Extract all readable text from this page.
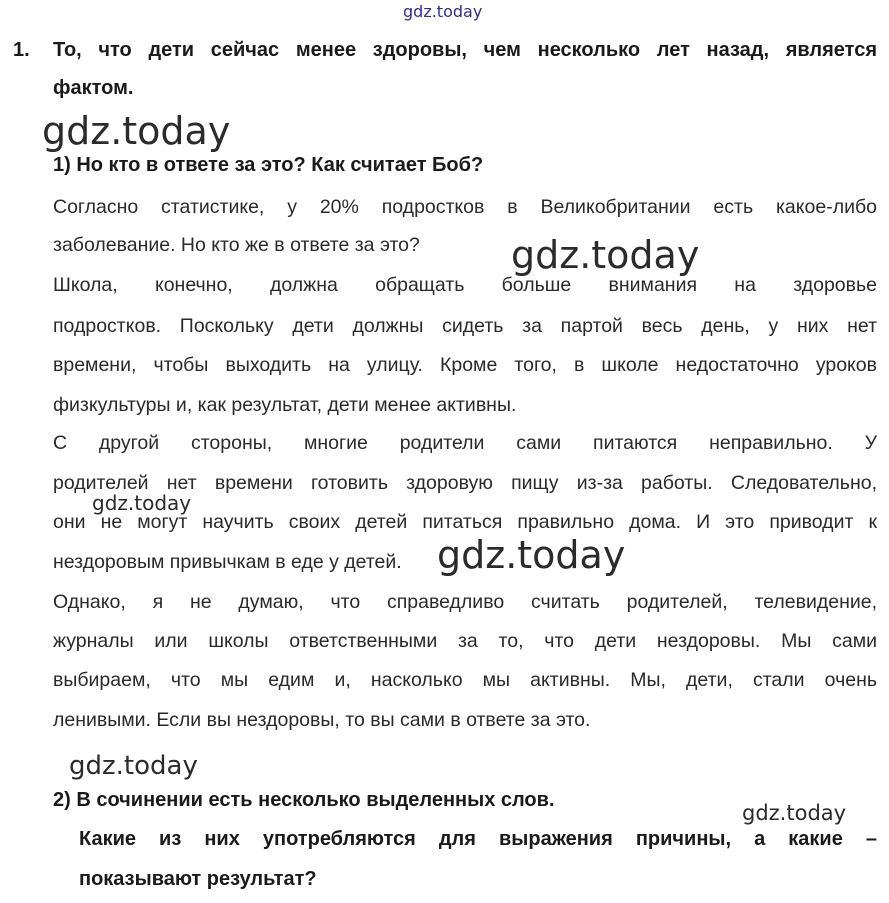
gdz.today
gdz.today
gdz.today
gdz.today
gdz.today
gdz.today
gdz.today
1. То, что дети сейчас менее здоровы, чем несколько лет назад, является
фактом.
1) Но кто в ответе за это? Как считает Боб?
Согласно статистике, у 20% подростков в Великобритании есть какое-либо
заболевание. Но кто же в ответе за это?
Школа, конечно, должна обращать больше внимания на здоровье
подростков. Поскольку дети должны сидеть за партой весь день, у них нет
времени, чтобы выходить на улицу. Кроме того, в школе недостаточно уроков
физкультуры и, как результат, дети менее активны.
С другой стороны, многие родители сами питаются неправильно. У
родителей нет времени готовить здоровую пищу из-за работы. Следовательно,
они не могут научить своих детей питаться правильно дома. И это приводит к
нездоровым привычкам в еде у детей.
Однако, я не думаю, что справедливо считать родителей, телевидение,
журналы или школы ответственными за то, что дети нездоровы. Мы сами
выбираем, что мы едим и, насколько мы активны. Мы, дети, стали очень
ленивыми. Если вы нездоровы, то вы сами в ответе за это.
2) В сочинении есть несколько выделенных слов.
Какие из них употребляются для выражения причины, а какие –
показывают результат?
